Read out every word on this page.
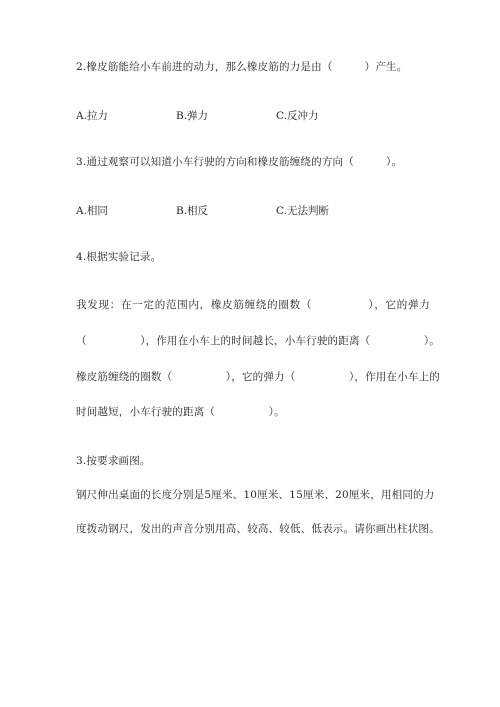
2.橡皮筋能给小车前进的动力，那么橡皮筋的力是由（　　　）产生。
A.拉力	B.弹力	C.反冲力
3.通过观察可以知道小车行驶的方向和橡皮筋缠绕的方向（　　　）。
A.相同	B.相反	C.无法判断
4.根据实验记录。
我发现：在一定的范围内，橡皮筋缠绕的圈数（　　　　　），它的弹力
（　　　　　），作用在小车上的时间越长，小车行驶的距离（　　　　　）。
橡皮筋缠绕的圈数（　　　　　），它的弹力（　　　　　），作用在小车上的
时间越短，小车行驶的距离（　　　　　）。
3.按要求画图。
钢尺伸出桌面的长度分别是5厘米、10厘米、15厘米、20厘米，用相同的力
度拨动钢尺，发出的声音分别用高、较高、较低、低表示。请你画出柱状图。
